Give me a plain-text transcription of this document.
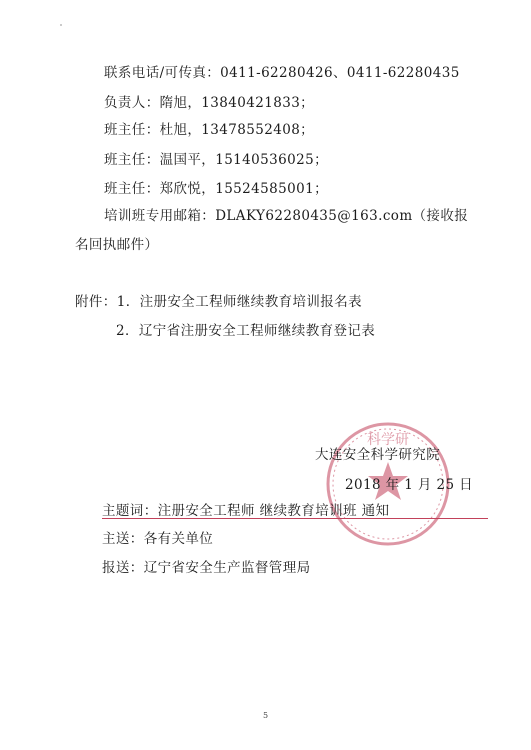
联系电话/可传真：0411-62280426、0411-62280435
负责人：隋旭，13840421833；
班主任：杜旭，13478552408；
班主任：温国平，15140536025；
班主任：郑欣悦，15524585001；
培训班专用邮箱：DLAKY62280435@163.com（接收报
名回执邮件）
附件：1．注册安全工程师继续教育培训报名表
2．辽宁省注册安全工程师继续教育登记表
科学研
大连安全科学研究院
2018 年 1 月 25 日
主题词：注册安全工程师 继续教育培训班 通知
主送：各有关单位
报送：辽宁省安全生产监督管理局
5
